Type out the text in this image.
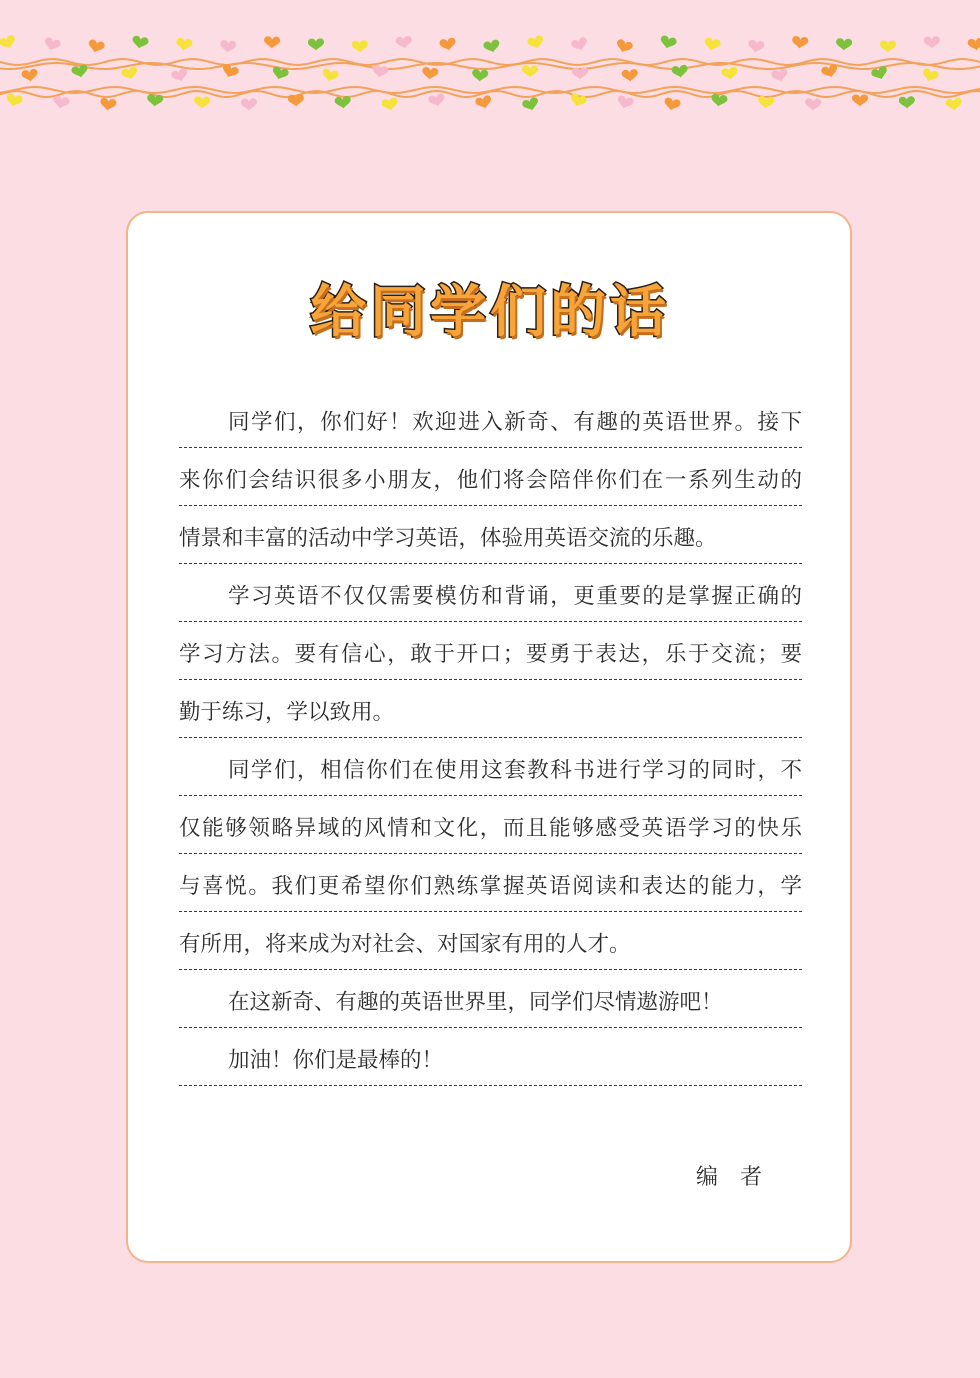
给同学们的话
同学们，你们好！欢迎进入新奇、有趣的英语世界。接下
来你们会结识很多小朋友，他们将会陪伴你们在一系列生动的
情景和丰富的活动中学习英语，体验用英语交流的乐趣。
学习英语不仅仅需要模仿和背诵，更重要的是掌握正确的
学习方法。要有信心，敢于开口；要勇于表达，乐于交流；要
勤于练习，学以致用。
同学们，相信你们在使用这套教科书进行学习的同时，不
仅能够领略异域的风情和文化，而且能够感受英语学习的快乐
与喜悦。我们更希望你们熟练掌握英语阅读和表达的能力，学
有所用，将来成为对社会、对国家有用的人才。
在这新奇、有趣的英语世界里，同学们尽情遨游吧！
加油！你们是最棒的！
编者
